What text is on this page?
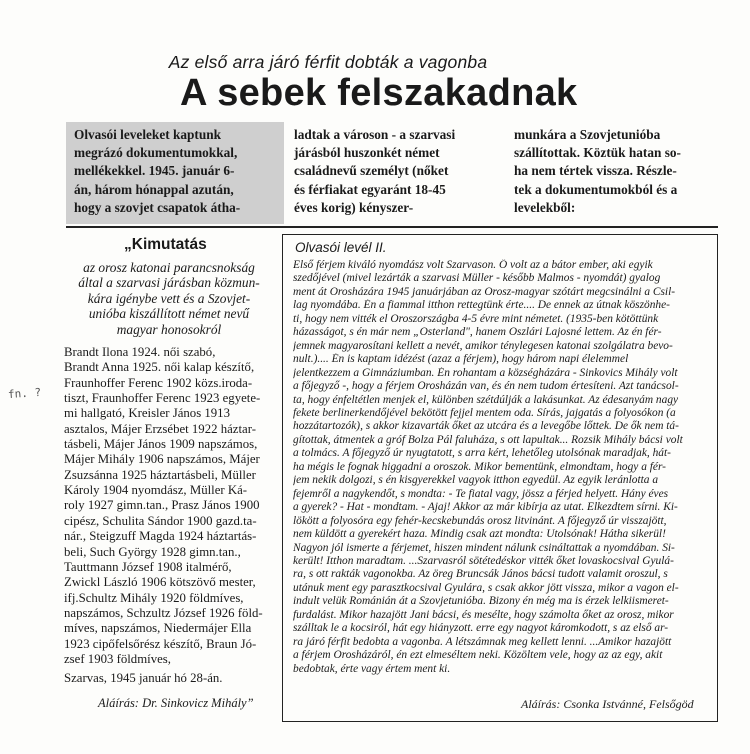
Az első arra járó férfit dobták a vagonba
A sebek felszakadnak
Olvasói leveleket kaptunk
megrázó dokumentumokkal,
mellékekkel. 1945. január 6-
án, három hónappal azután,
hogy a szovjet csapatok átha-
ladtak a városon - a szarvasi
járásból huszonkét német
családnevű személyt (nőket
és férfiakat egyaránt 18-45
éves korig) kényszer-
munkára a Szovjetunióba
szállítottak. Köztük hatan so-
ha nem tértek vissza. Részle-
tek a dokumentumokból és a
levelekből:
fn. ?
„Kimutatás
az orosz katonai parancsnokság
által a szarvasi járásban közmun-
kára igénybe vett és a Szovjet-
unióba kiszállított német nevű
magyar honosokról
Brandt Ilona 1924. női szabó,
Brandt Anna 1925. női kalap készítő,
Fraunhoffer Ferenc 1902 közs.iroda-
tiszt, Fraunhoffer Ferenc 1923 egyete-
mi hallgató, Kreisler János 1913
asztalos, Májer Erzsébet 1922 háztar-
tásbeli, Májer János 1909 napszámos,
Májer Mihály 1906 napszámos, Májer
Zsuzsánna 1925 háztartásbeli, Müller
Károly 1904 nyomdász, Müller Ká-
roly 1927 gimn.tan., Prasz János 1900
cipész, Schulita Sándor 1900 gazd.ta-
nár., Steigzuff Magda 1924 háztartás-
beli, Such György 1928 gimn.tan.,
Tauttmann József 1908 italmérő,
Zwickl László 1906 kötszövő mester,
ifj.Schultz Mihály 1920 földmíves,
napszámos, Schzultz József 1926 föld-
míves, napszámos, Niedermájer Ella
1923 cipőfelsőrész készítő, Braun Jó-
zsef 1903 földmíves,
Szarvas, 1945 január hó 28-án.
Aláírás: Dr. Sinkovicz Mihály”
Olvasói levél II.
Első férjem kiváló nyomdász volt Szarvason. Ő volt az a bátor ember, aki egyik
szedőjével (mivel lezárták a szarvasi Müller - később Malmos - nyomdát) gyalog
ment át Orosházára 1945 januárjában az Orosz-magyar szótárt megcsinálni a Csil-
lag nyomdába. Én a fiammal itthon rettegtünk érte.... De ennek az útnak köszönhe-
ti, hogy nem vitték el Oroszországba 4-5 évre mint németet. (1935-ben kötöttünk
házasságot, s én már nem „Osterland", hanem Oszlári Lajosné lettem. Az én fér-
jemnek magyarosítani kellett a nevét, amikor ténylegesen katonai szolgálatra bevo-
nult.).... Én is kaptam idézést (azaz a férjem), hogy három napi élelemmel
jelentkezzem a Gimnáziumban. Én rohantam a községházára - Sinkovics Mihály volt
a főjegyző -, hogy a férjem Orosházán van, és én nem tudom értesíteni. Azt tanácsol-
ta, hogy énfeltétlen menjek el, különben szétdúlják a lakásunkat. Az édesanyám nagy
fekete berlinerkendőjével bekötött fejjel mentem oda. Sírás, jajgatás a folyosókon (a
hozzátartozók), s akkor kizavarták őket az utcára és a levegőbe lőttek. De ők nem tá-
gítottak, átmentek a gróf Bolza Pál faluháza, s ott lapultak... Rozsik Mihály bácsi volt
a tolmács. A főjegyző úr nyugtatott, s arra kért, lehetőleg utolsónak maradjak, hát-
ha mégis le fognak higgadni a oroszok. Mikor bementünk, elmondtam, hogy a fér-
jem nekik dolgozi, s én kisgyerekkel vagyok itthon egyedül. Az egyik leránlotta a
fejemről a nagykendőt, s mondta: - Te fiatal vagy, jössz a férjed helyett. Hány éves
a gyerek? - Hat - mondtam. - Ajaj! Akkor az már kibírja az utat. Elkezdtem sírni. Ki-
lökött a folyosóra egy fehér-kecskebundás orosz litvinánt. A főjegyző úr visszajött,
nem küldött a gyerekért haza. Mindig csak azt mondta: Utolsónak! Hátha sikerül!
Nagyon jól ismerte a férjemet, hiszen mindent nálunk csináltattak a nyomdában. Si-
került! Itthon maradtam. ...Szarvasról sötétedéskor vitték őket lovaskocsival Gyulá-
ra, s ott rakták vagonokba. Az öreg Bruncsák János bácsi tudott valamit oroszul, s
utánuk ment egy parasztkocsival Gyulára, s csak akkor jött vissza, mikor a vagon el-
indult velük Románián át a Szovjetunióba. Bizony én még ma is érzek lelkiismeret-
furdalást. Mikor hazajött Jani bácsi, és mesélte, hogy számolta őket az orosz, mikor
szálltak le a kocsiról, hát egy hiányzott. erre egy nagyot káromkodott, s az első ar-
ra járó férfit bedobta a vagonba. A létszámnak meg kellett lenni. ...Amikor hazajött
a férjem Orosházáról, én ezt elmeséltem neki. Közöltem vele, hogy az az egy, akit
bedobtak, érte vagy értem ment ki.
Aláírás: Csonka Istvánné, Felsőgöd
